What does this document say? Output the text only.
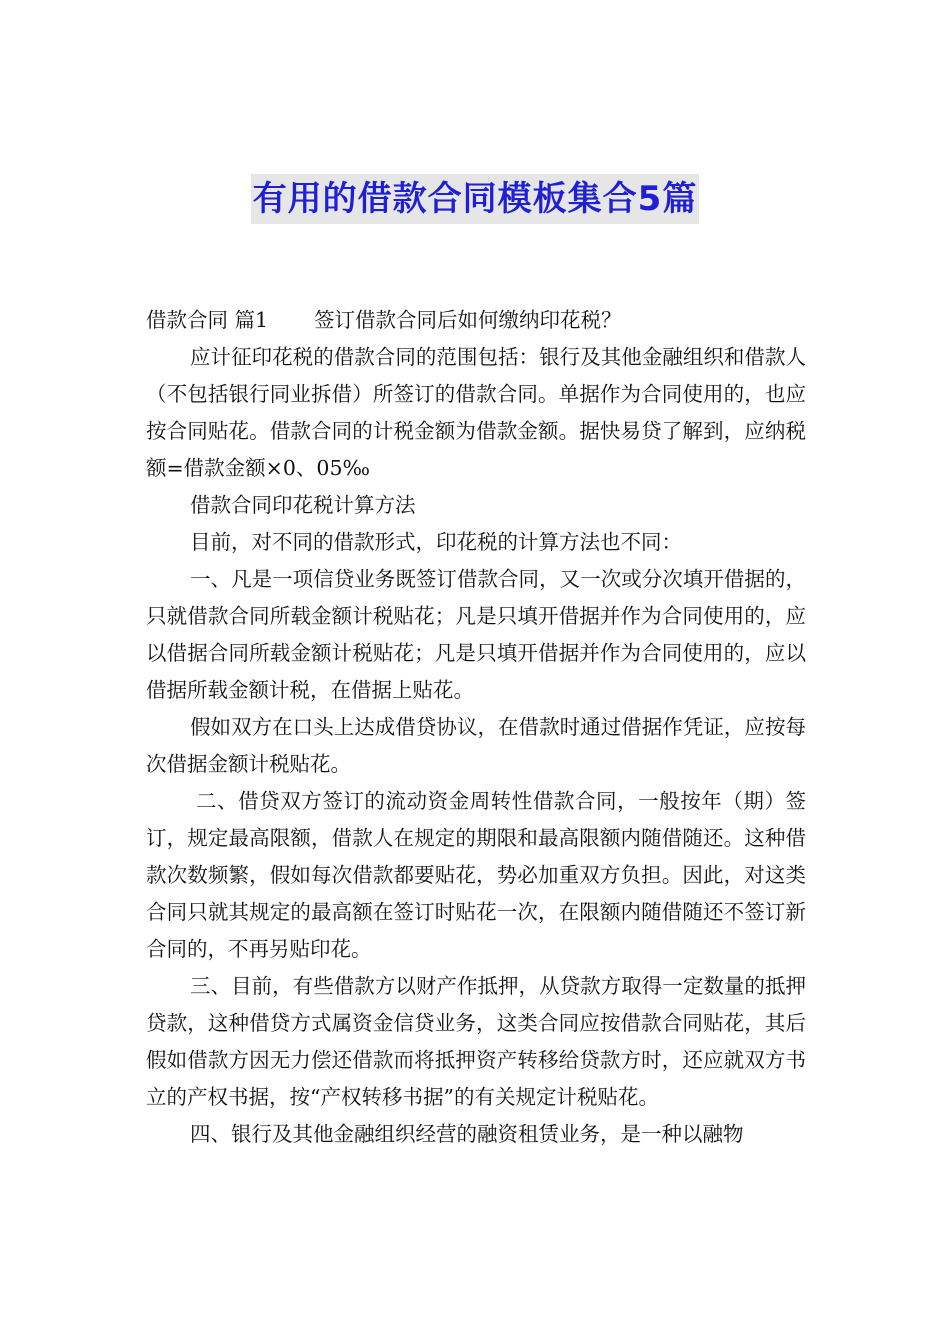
有用的借款合同模板集合5篇

借款合同 篇1 签订借款合同后如何缴纳印花税？

应计征印花税的借款合同的范围包括：银行及其他金融组织和借款人（不包括银行同业拆借）所签订的借款合同。单据作为合同使用的，也应按合同贴花。借款合同的计税金额为借款金额。据快易贷了解到，应纳税额=借款金额×0、05‰

借款合同印花税计算方法

目前，对不同的借款形式，印花税的计算方法也不同：

一、凡是一项信贷业务既签订借款合同，又一次或分次填开借据的，只就借款合同所载金额计税贴花；凡是只填开借据并作为合同使用的，应以借据合同所载金额计税贴花；凡是只填开借据并作为合同使用的，应以借据所载金额计税，在借据上贴花。

假如双方在口头上达成借贷协议，在借款时通过借据作凭证，应按每次借据金额计税贴花。

二、借贷双方签订的流动资金周转性借款合同，一般按年（期）签订，规定最高限额，借款人在规定的期限和最高限额内随借随还。这种借款次数频繁，假如每次借款都要贴花，势必加重双方负担。因此，对这类合同只就其规定的最高额在签订时贴花一次，在限额内随借随还不签订新合同的，不再另贴印花。

三、目前，有些借款方以财产作抵押，从贷款方取得一定数量的抵押贷款，这种借贷方式属资金信贷业务，这类合同应按借款合同贴花，其后假如借款方因无力偿还借款而将抵押资产转移给贷款方时，还应就双方书立的产权书据，按“产权转移书据”的有关规定计税贴花。

四、银行及其他金融组织经营的融资租赁业务，是一种以融物
